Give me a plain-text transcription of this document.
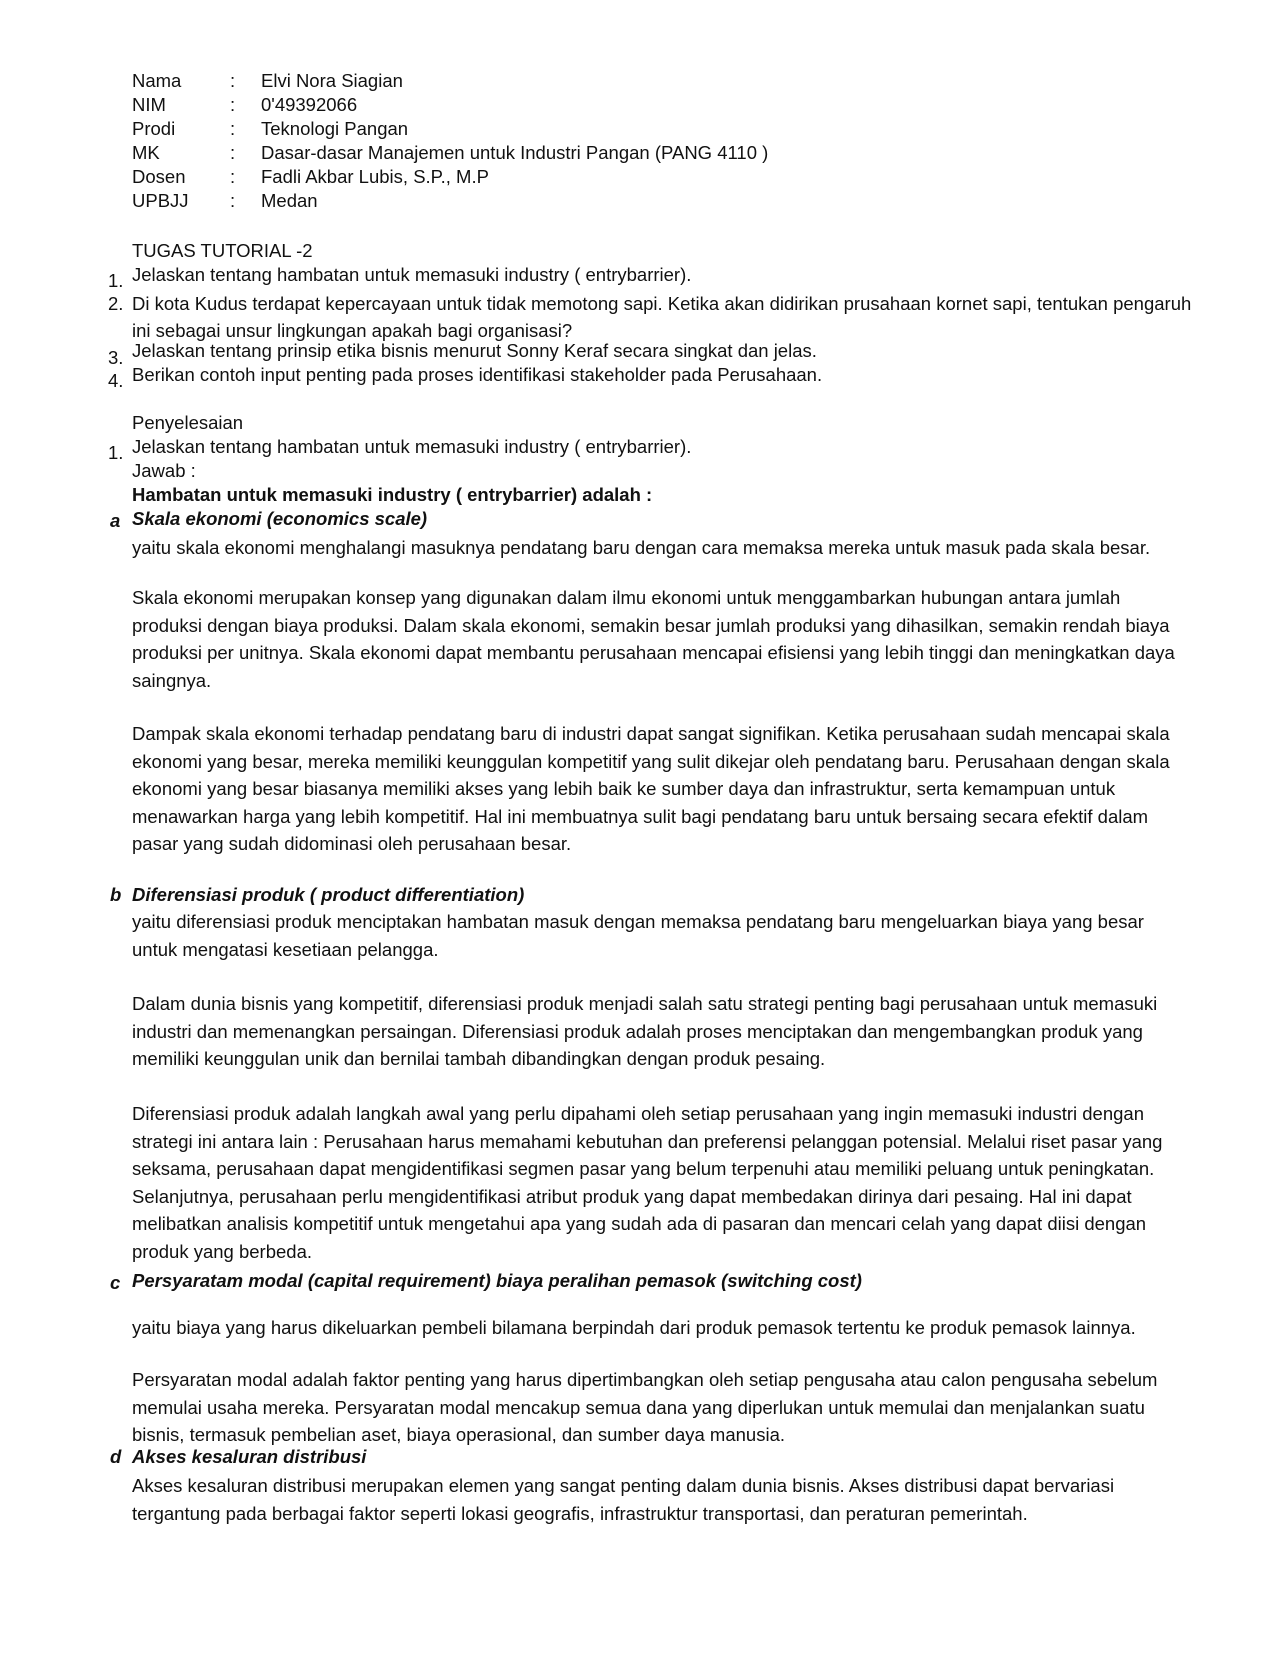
Nama	: Elvi Nora Siagian
NIM	: 0'49392066
Prodi	: Teknologi Pangan
MK	: Dasar-dasar Manajemen untuk Industri Pangan (PANG 4110 )
Dosen : Fadli Akbar Lubis, S.P., M.P
UPBJJ : Medan
TUGAS TUTORIAL -2
1. Jelaskan tentang hambatan untuk memasuki industry ( entrybarrier).
2. Di kota Kudus terdapat kepercayaan untuk tidak memotong sapi. Ketika akan didirikan prusahaan kornet sapi, tentukan pengaruh ini sebagai unsur lingkungan apakah bagi organisasi?
3. Jelaskan tentang prinsip etika bisnis menurut Sonny Keraf secara singkat dan jelas.
4. Berikan contoh input penting pada proses identifikasi stakeholder pada Perusahaan.
Penyelesaian
1. Jelaskan tentang hambatan untuk memasuki industry ( entrybarrier).
Jawab :
Hambatan untuk memasuki industry ( entrybarrier) adalah :
a Skala ekonomi (economics scale)
yaitu skala ekonomi menghalangi masuknya pendatang baru dengan cara memaksa mereka untuk masuk pada skala besar.
Skala ekonomi merupakan konsep yang digunakan dalam ilmu ekonomi untuk menggambarkan hubungan antara jumlah produksi dengan biaya produksi. Dalam skala ekonomi, semakin besar jumlah produksi yang dihasilkan, semakin rendah biaya produksi per unitnya. Skala ekonomi dapat membantu perusahaan mencapai efisiensi yang lebih tinggi dan meningkatkan daya saingnya.
Dampak skala ekonomi terhadap pendatang baru di industri dapat sangat signifikan. Ketika perusahaan sudah mencapai skala ekonomi yang besar, mereka memiliki keunggulan kompetitif yang sulit dikejar oleh pendatang baru. Perusahaan dengan skala ekonomi yang besar biasanya memiliki akses yang lebih baik ke sumber daya dan infrastruktur, serta kemampuan untuk menawarkan harga yang lebih kompetitif. Hal ini membuatnya sulit bagi pendatang baru untuk bersaing secara efektif dalam pasar yang sudah didominasi oleh perusahaan besar.
b Diferensiasi produk ( product differentiation)
yaitu diferensiasi produk menciptakan hambatan masuk dengan memaksa pendatang baru mengeluarkan biaya yang besar untuk mengatasi kesetiaan pelangga.
Dalam dunia bisnis yang kompetitif, diferensiasi produk menjadi salah satu strategi penting bagi perusahaan untuk memasuki industri dan memenangkan persaingan. Diferensiasi produk adalah proses menciptakan dan mengembangkan produk yang memiliki keunggulan unik dan bernilai tambah dibandingkan dengan produk pesaing.
Diferensiasi produk adalah langkah awal yang perlu dipahami oleh setiap perusahaan yang ingin memasuki industri dengan strategi ini antara lain : Perusahaan harus memahami kebutuhan dan preferensi pelanggan potensial. Melalui riset pasar yang seksama, perusahaan dapat mengidentifikasi segmen pasar yang belum terpenuhi atau memiliki peluang untuk peningkatan. Selanjutnya, perusahaan perlu mengidentifikasi atribut produk yang dapat membedakan dirinya dari pesaing. Hal ini dapat melibatkan analisis kompetitif untuk mengetahui apa yang sudah ada di pasaran dan mencari celah yang dapat diisi dengan produk yang berbeda.
c Persyaratam modal (capital requirement) biaya peralihan pemasok (switching cost)
yaitu biaya yang harus dikeluarkan pembeli bilamana berpindah dari produk pemasok tertentu ke produk pemasok lainnya.
Persyaratan modal adalah faktor penting yang harus dipertimbangkan oleh setiap pengusaha atau calon pengusaha sebelum memulai usaha mereka. Persyaratan modal mencakup semua dana yang diperlukan untuk memulai dan menjalankan suatu bisnis, termasuk pembelian aset, biaya operasional, dan sumber daya manusia.
d Akses kesaluran distribusi
Akses kesaluran distribusi merupakan elemen yang sangat penting dalam dunia bisnis. Akses distribusi dapat bervariasi tergantung pada berbagai faktor seperti lokasi geografis, infrastruktur transportasi, dan peraturan pemerintah.
